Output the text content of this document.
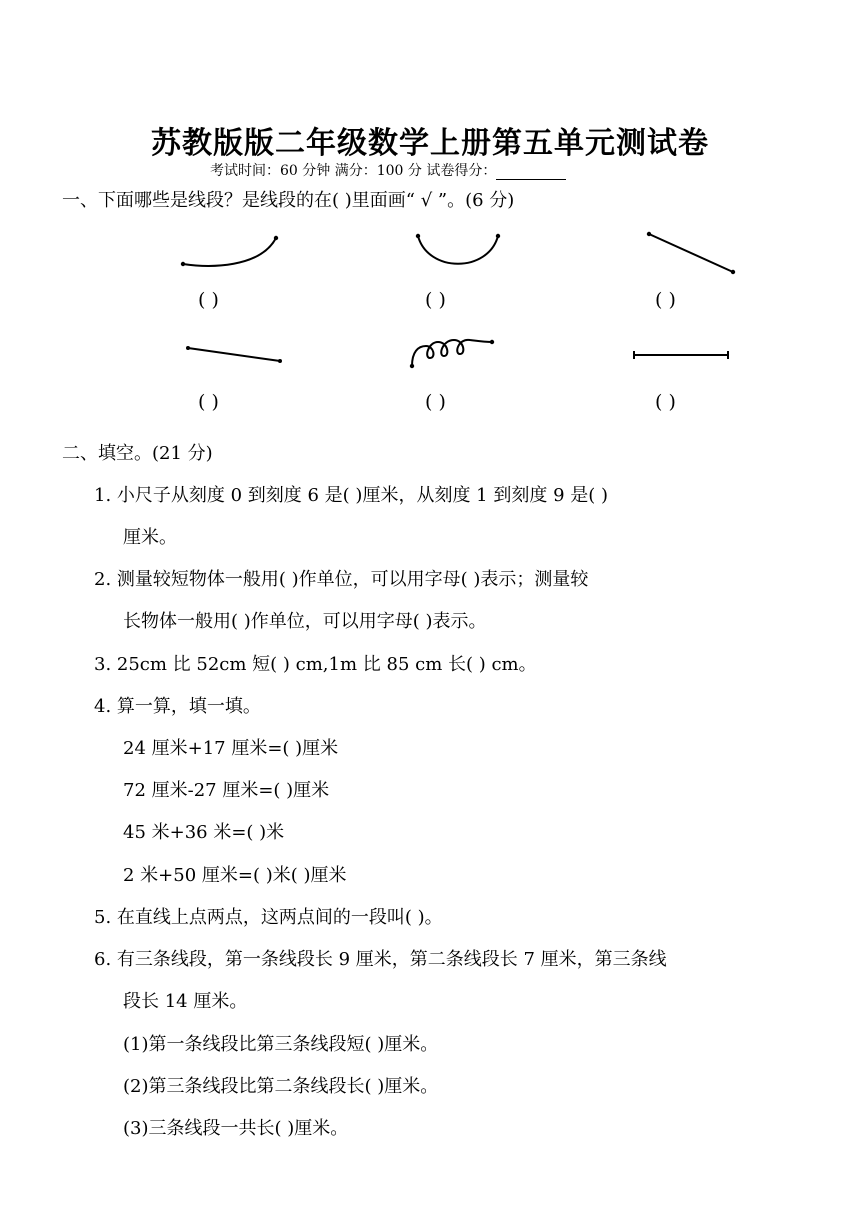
苏教版版二年级数学上册第五单元测试卷
考试时间：60 分钟 满分：100 分 试卷得分：
一、下面哪些是线段？是线段的在( )里面画“ √ ”。(6 分)
( )	( )	( )
( )	( )	( )
二、填空。(21 分)
1. 小尺子从刻度 0 到刻度 6 是( )厘米，从刻度 1 到刻度 9 是( )
厘米。
2. 测量较短物体一般用( )作单位，可以用字母( )表示；测量较
长物体一般用( )作单位，可以用字母( )表示。
3. 25cm 比 52cm 短( ) cm,1m 比 85 cm 长( ) cm。
4. 算一算，填一填。
24 厘米+17 厘米=( )厘米
72 厘米-27 厘米=( )厘米
45 米+36 米=( )米
2 米+50 厘米=( )米( )厘米
5. 在直线上点两点，这两点间的一段叫( )。
6. 有三条线段，第一条线段长 9 厘米，第二条线段长 7 厘米，第三条线
段长 14 厘米。
(1)第一条线段比第三条线段短( )厘米。
(2)第三条线段比第二条线段长( )厘米。
(3)三条线段一共长( )厘米。
